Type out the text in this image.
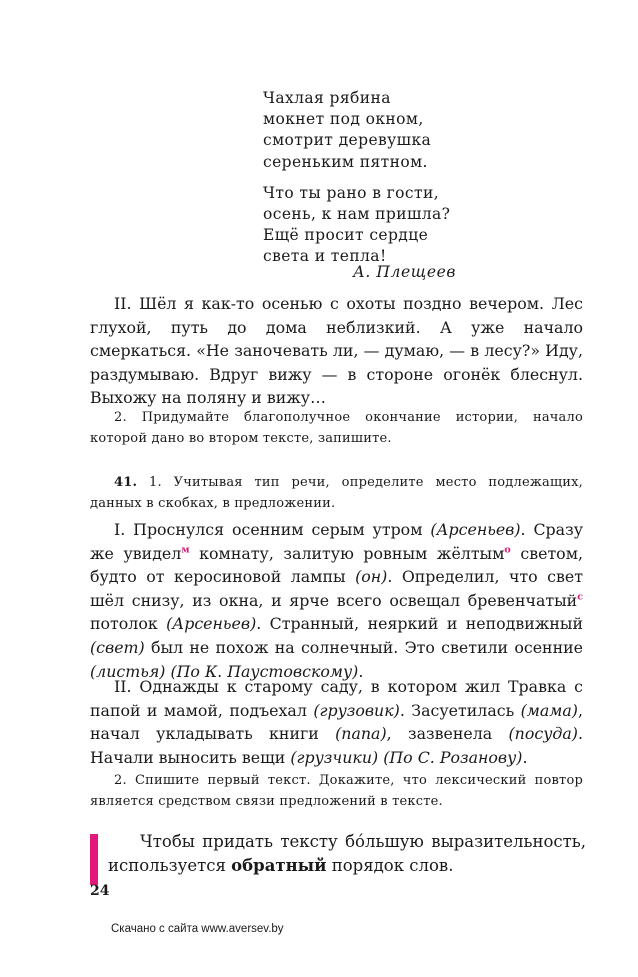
Чахлая рябина
мокнет под окном,
смотрит деревушка
сереньким пятном.
Что ты рано в гости,
осень, к нам пришла?
Ещё просит сердце
света и тепла!
А. Плещеев
II. Шёл я как-то осенью с охоты поздно вечером. Лес глухой, путь до дома неблизкий. А уже начало смеркаться. «Не заночевать ли, — думаю, — в лесу?» Иду, раздумываю. Вдруг вижу — в стороне огонёк блеснул. Выхожу на поляну и вижу…
2. Придумайте благополучное окончание истории, начало которой дано во втором тексте, запишите.
41. 1. Учитывая тип речи, определите место подлежащих, данных в скобках, в предложении.
I. Проснулся осенним серым утром (Арсеньев). Сразу же увидел$^м$ комнату, залитую ровным жёлтым$^о$ светом, будто от керосиновой лампы (он). Определил, что свет шёл снизу, из окна, и ярче всего освещал бревенчатый$^с$ потолок (Арсеньев). Странный, неяркий и неподвижный (свет) был не похож на солнечный. Это светили осенние (листья) (По К. Паустовскому).
II. Однажды к старому саду, в котором жил Травка с папой и мамой, подъехал (грузовик). Засуетилась (мама), начал укладывать книги (папа), зазвенела (посуда). Начали выносить вещи (грузчики) (По С. Розанову).
2. Спишите первый текст. Докажите, что лексический повтор является средством связи предложений в тексте.
Чтобы придать тексту бо́льшую выразительность, используется обратный порядок слов.
24
Скачано с сайта www.aversev.by
